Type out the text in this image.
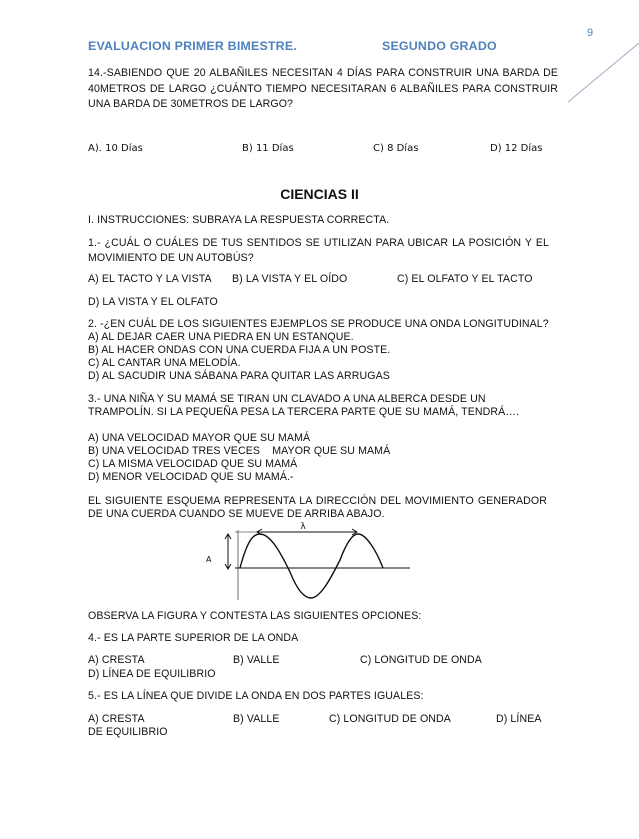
9
EVALUACION PRIMER BIMESTRE.	SEGUNDO GRADO
14.-SABIENDO QUE 20 ALBAÑILES NECESITAN 4 DÍAS PARA CONSTRUIR UNA BARDA DE
40METROS DE LARGO ¿CUÁNTO TIEMPO NECESITARAN 6 ALBAÑILES PARA CONSTRUIR
UNA BARDA DE 30METROS DE LARGO?
A). 10 Días	B) 11 Días	C) 8 Días	D) 12 Días
CIENCIAS II
I. INSTRUCCIONES: SUBRAYA LA RESPUESTA CORRECTA.
1.- ¿CUÁL O CUÁLES DE TUS SENTIDOS SE UTILIZAN PARA UBICAR LA POSICIÓN Y EL
MOVIMIENTO DE UN AUTOBÚS?
A) EL TACTO Y LA VISTA B) LA VISTA Y EL OÍDO	C) EL OLFATO Y EL TACTO
D) LA VISTA Y EL OLFATO
2. -¿EN CUÁL DE LOS SIGUIENTES EJEMPLOS SE PRODUCE UNA ONDA LONGITUDINAL?
A) AL DEJAR CAER UNA PIEDRA EN UN ESTANQUE.
B) AL HACER ONDAS CON UNA CUERDA FIJA A UN POSTE.
C) AL CANTAR UNA MELODÍA.
D) AL SACUDIR UNA SÁBANA PARA QUITAR LAS ARRUGAS
3.- UNA NIÑA Y SU MAMÁ SE TIRAN UN CLAVADO A UNA ALBERCA DESDE UN
TRAMPOLÍN. SI LA PEQUEÑA PESA LA TERCERA PARTE QUE SU MAMÁ, TENDRÁ….
A) UNA VELOCIDAD MAYOR QUE SU MAMÁ
B) UNA VELOCIDAD TRES VECES    MAYOR QUE SU MAMÁ
C) LA MISMA VELOCIDAD QUE SU MAMÁ
D) MENOR VELOCIDAD QUE SU MAMÁ.-
EL SIGUIENTE ESQUEMA REPRESENTA LA DIRECCIÓN DEL MOVIMIENTO GENERADOR
DE UNA CUERDA CUANDO SE MUEVE DE ARRIBA ABAJO.
λ
A
OBSERVA LA FIGURA Y CONTESTA LAS SIGUIENTES OPCIONES:
4.- ES LA PARTE SUPERIOR DE LA ONDA
A) CRESTA	B) VALLE	C) LONGITUD DE ONDA
D) LÍNEA DE EQUILIBRIO
5.- ES LA LÍNEA QUE DIVIDE LA ONDA EN DOS PARTES IGUALES:
A) CRESTA	B) VALLE	C) LONGITUD DE ONDA	D) LÍNEA
DE EQUILIBRIO
